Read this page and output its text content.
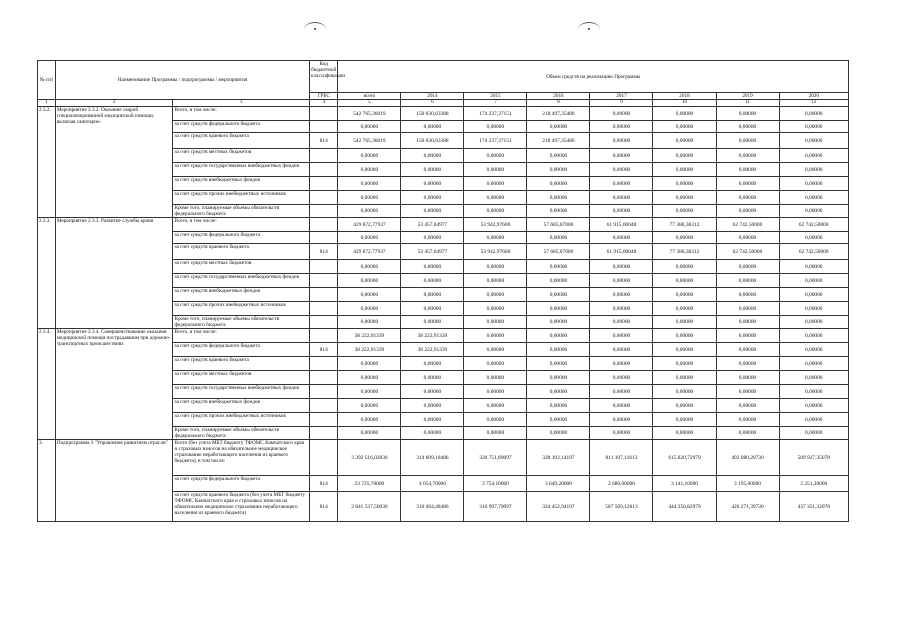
№ п/п	Наименование Программы / подпрограммы / мероприятия		Код бюджетной классификации	Объем средств на реализацию Программы							
			ГРБС	всего	2014	2015	2016	2017	2018	2019	2020
1	2	3	4	5	6	7	8	9	10	11	12
2.3.2.	Мероприятие 2.3.2. Оказание скорой специализированной медицинской помощи, включая санитарно-	Всего, в том числе:		542 765,36019	150 030,63388	174 237,37151	218 497,35480	0,00000	0,00000	0,00000	0,00000
		за счет средств федерального бюджета		0,00000	0,00000	0,00000	0,00000	0,00000	0,00000	0,00000	0,00000
		за счет средств краевого бюджета	814	542 765,36019	150 030,63388	174 237,37151	218 497,35480	0,00000	0,00000	0,00000	0,00000
		за счет средств местных бюджетов		0,00000	0,00000	0,00000	0,00000	0,00000	0,00000	0,00000	0,00000
		за счет средств государственных внебюджетных фондов		0,00000	0,00000	0,00000	0,00000	0,00000	0,00000	0,00000	0,00000
		за счет средств внебюджетных фондов		0,00000	0,00000	0,00000	0,00000	0,00000	0,00000	0,00000	0,00000
		за счет средств прочих внебюджетных источников		0,00000	0,00000	0,00000	0,00000	0,00000	0,00000	0,00000	0,00000
		Кроме того, планируемые объемы обязательств федерального бюджета		0,00000	0,00000	0,00000	0,00000	0,00000	0,00000	0,00000	0,00000
2.3.3.	Мероприятие 2.3.3. Развитие службы крови	Всего, в том числе:		429 872,77937	53 457,64977	53 942,97600	57 685,07000	61 915,00048	77 386,38312	62 742,50000	62 742,50000
		за счет средств федерального бюджета		0,00000	0,00000	0,00000	0,00000	0,00000	0,00000	0,00000	0,00000
		за счет средств краевого бюджета	814	429 872,77937	53 457,64977	53 942,97600	57 685,07000	61 915,00048	77 386,38312	62 742,50000	62 742,50000
		за счет средств местных бюджетов		0,00000	0,00000	0,00000	0,00000	0,00000	0,00000	0,00000	0,00000
		за счет средств государственных внебюджетных фондов		0,00000	0,00000	0,00000	0,00000	0,00000	0,00000	0,00000	0,00000
		за счет средств внебюджетных фондов		0,00000	0,00000	0,00000	0,00000	0,00000	0,00000	0,00000	0,00000
		за счет средств прочих внебюджетных источников		0,00000	0,00000	0,00000	0,00000	0,00000	0,00000	0,00000	0,00000
		Кроме того, планируемые объемы обязательств федерального бюджета		0,00000	0,00000	0,00000	0,00000	0,00000	0,00000	0,00000	0,00000
2.3.4.	Мероприятие 2.3.4. Совершенствование оказания медицинской помощи пострадавшим при дорожно-транспортных происшествиях	Всего, в том числе:		38 222,91339	38 222,91339	0,00000	0,00000	0,00000	0,00000	0,00000	0,00000
		за счет средств федерального бюджета	814	38 222,91339	38 222,91339	0,00000	0,00000	0,00000	0,00000	0,00000	0,00000
		за счет средств краевого бюджета		0,00000	0,00000	0,00000	0,00000	0,00000	0,00000	0,00000	0,00000
		за счет средств местных бюджетов		0,00000	0,00000	0,00000	0,00000	0,00000	0,00000	0,00000	0,00000
		за счет средств государственных внебюджетных фондов		0,00000	0,00000	0,00000	0,00000	0,00000	0,00000	0,00000	0,00000
		за счет средств внебюджетных фондов		0,00000	0,00000	0,00000	0,00000	0,00000	0,00000	0,00000	0,00000
		за счет средств прочих внебюджетных источников		0,00000	0,00000	0,00000	0,00000	0,00000	0,00000	0,00000	0,00000
		Кроме того, планируемые объемы обязательств федерального бюджета		0,00000	0,00000	0,00000	0,00000	0,00000	0,00000	0,00000	0,00000
3.	Подпрограмма 3 "Управление развитием отрасли"	Всего (без учета МБТ бюджету ТФОМС Камчатского края и страховых взносов на обязательное медицинское страхование неработающего населения из краевого бюджета), в том числе:		3 392 516,02030	314 609,18486	320 751,89097	328 102,14197	811 107,11613	615 820,72979	492 080,20730	509 927,35078
		за счет средств федерального бюджета	814	23 725,70000	4 054,70000	3 754,10000	3 649,20000	2 680,60000	3 141,10000	3 195,00000	3 251,20000
		за счет средств краевого бюджета (без учета МБТ бюджету ТФОМС Камчатского края и страховых взносов на обязательное медицинское страхование неработающего населения из краевого бюджета)	814	2 841 537,50030	310 464,48486	316 997,79097	324 452,94197	587 569,12613	444 250,82979	426 271,39730	437 351,32078
